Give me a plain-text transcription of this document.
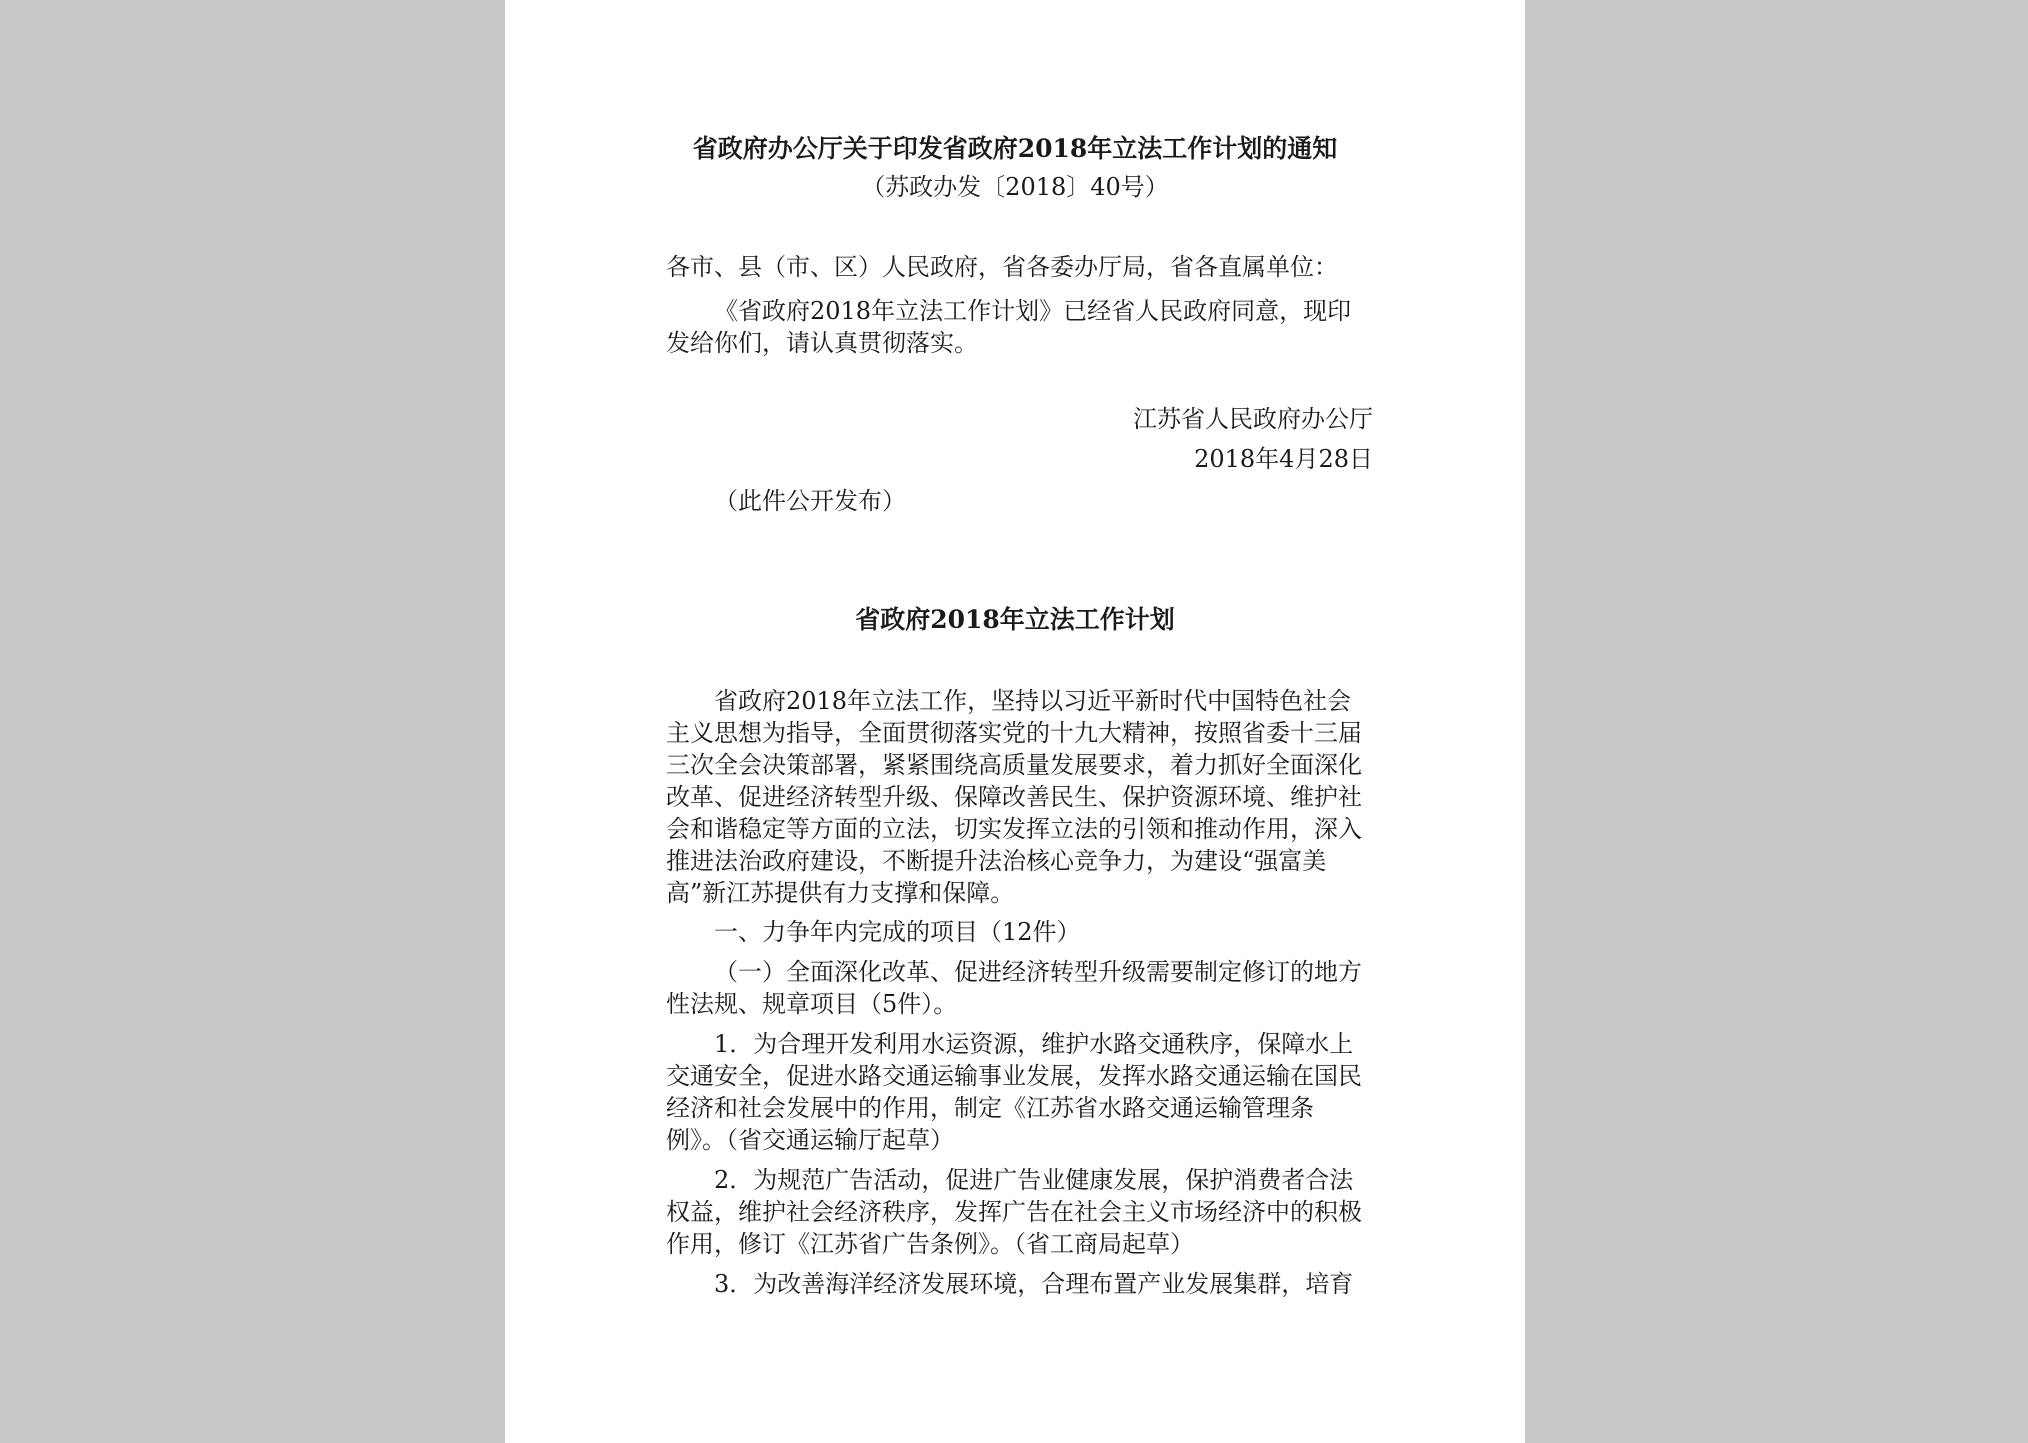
省政府办公厅关于印发省政府2018年立法工作计划的通知
（苏政办发〔2018〕40号）
各市、县（市、区）人民政府，省各委办厅局，省各直属单位：
《省政府2018年立法工作计划》已经省人民政府同意，现印
发给你们，请认真贯彻落实。
江苏省人民政府办公厅
2018年4月28日
（此件公开发布）
省政府2018年立法工作计划
省政府2018年立法工作，坚持以习近平新时代中国特色社会
主义思想为指导，全面贯彻落实党的十九大精神，按照省委十三届
三次全会决策部署，紧紧围绕高质量发展要求，着力抓好全面深化
改革、促进经济转型升级、保障改善民生、保护资源环境、维护社
会和谐稳定等方面的立法，切实发挥立法的引领和推动作用，深入
推进法治政府建设，不断提升法治核心竞争力，为建设“强富美
高”新江苏提供有力支撑和保障。
一、力争年内完成的项目（12件）
（一）全面深化改革、促进经济转型升级需要制定修订的地方
性法规、规章项目（5件）。
1．为合理开发利用水运资源，维护水路交通秩序，保障水上
交通安全，促进水路交通运输事业发展，发挥水路交通运输在国民
经济和社会发展中的作用，制定《江苏省水路交通运输管理条
例》。（省交通运输厅起草）
2．为规范广告活动，促进广告业健康发展，保护消费者合法
权益，维护社会经济秩序，发挥广告在社会主义市场经济中的积极
作用，修订《江苏省广告条例》。（省工商局起草）
3．为改善海洋经济发展环境，合理布置产业发展集群，培育
